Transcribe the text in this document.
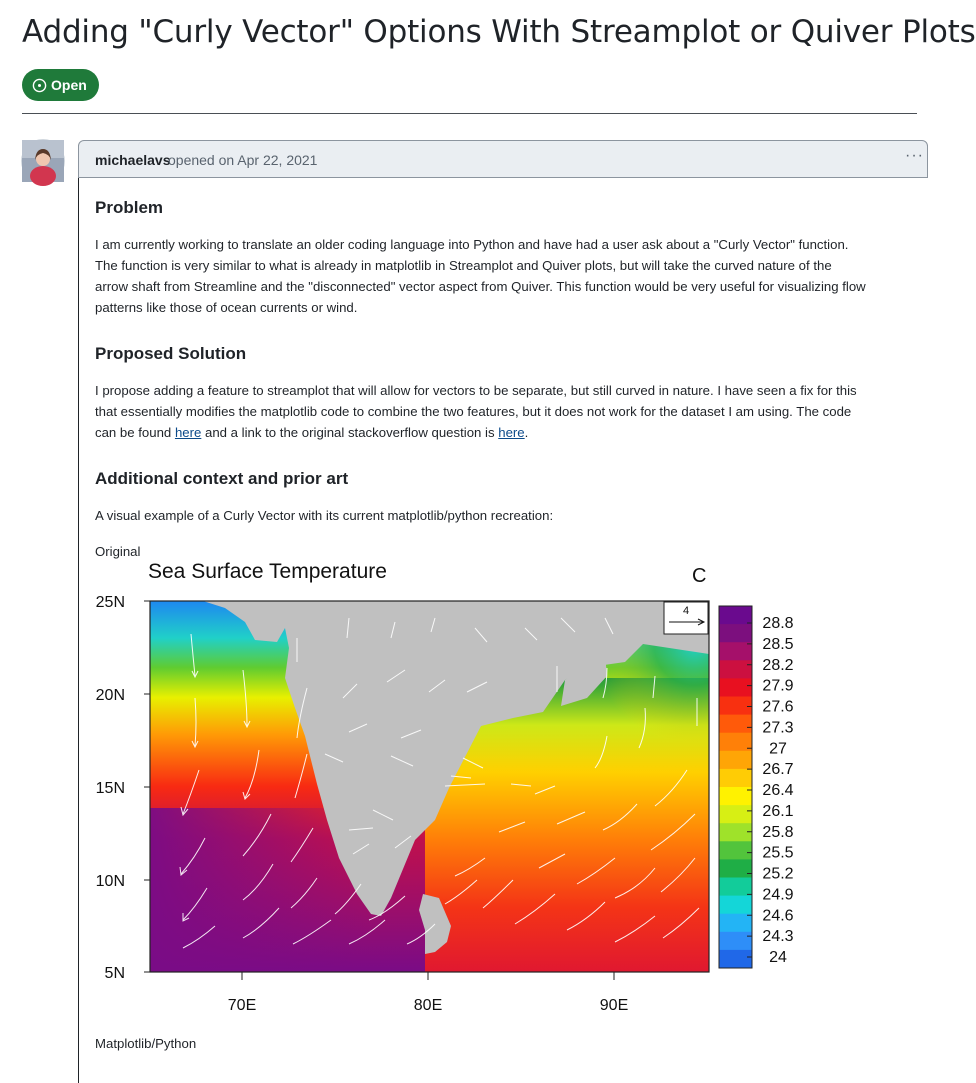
Adding "Curly Vector" Options With Streamplot or Quiver Plots
Open
michaelavs
opened on Apr 22, 2021	···
Problem

I am currently working to translate an older coding language into Python and have had a user ask about a "Curly Vector" function.

The function is very similar to what is already in matplotlib in Streamplot and Quiver plots, but will take the curved nature of the

arrow shaft from Streamline and the "disconnected" vector aspect from Quiver. This function would be very useful for visualizing flow

patterns like those of ocean currents or wind.

Proposed Solution

I propose adding a feature to streamplot that will allow for vectors to be separate, but still curved in nature. I have seen a fix for this

that essentially modifies the matplotlib code to combine the two features, but it does not work for the dataset I am using. The code

can be found here and a link to the original stackoverflow question is here.

Additional context and prior art

A visual example of a Curly Vector with its current matplotlib/python recreation:

Original
Sea Surface Temperature	C
4
25N
20N
15N
10N
5N
70E	80E	90E
28.8
28.5
28.2
27.9
27.6
27.3
27
26.7
26.4
26.1
25.8
25.5
25.2
24.9
24.6
24.3
24
Matplotlib/Python
